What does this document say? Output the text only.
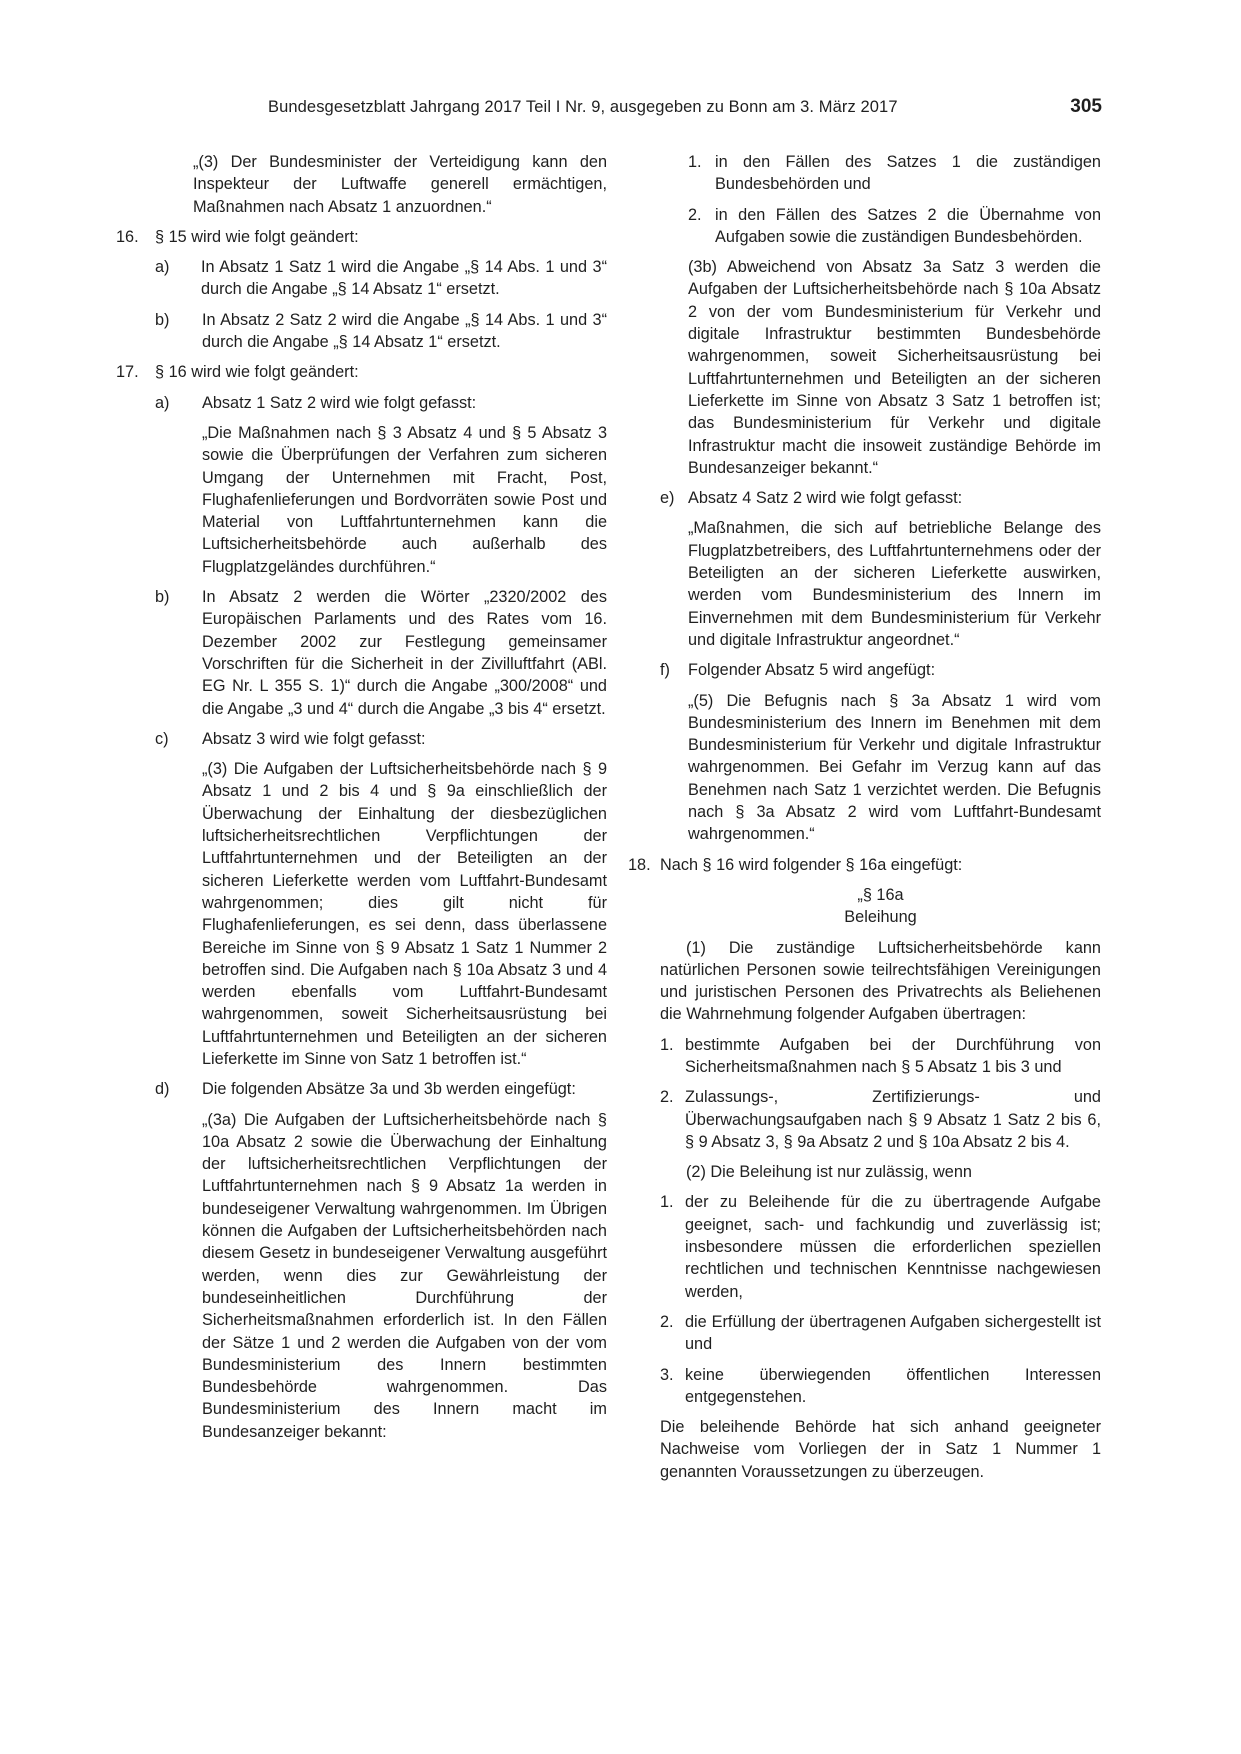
Bundesgesetzblatt Jahrgang 2017 Teil I Nr. 9, ausgegeben zu Bonn am 3. März 2017	305

„(3) Der Bundesminister der Verteidigung kann den Inspekteur der Luftwaffe generell ermächtigen, Maßnahmen nach Absatz 1 anzuordnen.“

16. § 15 wird wie folgt geändert:
a) In Absatz 1 Satz 1 wird die Angabe „§ 14 Abs. 1 und 3“ durch die Angabe „§ 14 Absatz 1“ ersetzt.
b) In Absatz 2 Satz 2 wird die Angabe „§ 14 Abs. 1 und 3“ durch die Angabe „§ 14 Absatz 1“ ersetzt.
17. § 16 wird wie folgt geändert:
a) Absatz 1 Satz 2 wird wie folgt gefasst:

„Die Maßnahmen nach § 3 Absatz 4 und § 5 Absatz 3 sowie die Überprüfungen der Verfahren zum sicheren Umgang der Unternehmen mit Fracht, Post, Flughafenlieferungen und Bordvorräten sowie Post und Material von Luftfahrtunternehmen kann die Luftsicherheitsbehörde auch außerhalb des Flugplatzgeländes durchführen.“

b) In Absatz 2 werden die Wörter „2320/2002 des Europäischen Parlaments und des Rates vom 16. Dezember 2002 zur Festlegung gemeinsamer Vorschriften für die Sicherheit in der Zivilluftfahrt (ABl. EG Nr. L 355 S. 1)“ durch die Angabe „300/2008“ und die Angabe „3 und 4“ durch die Angabe „3 bis 4“ ersetzt.
c) Absatz 3 wird wie folgt gefasst:

„(3) Die Aufgaben der Luftsicherheitsbehörde nach § 9 Absatz 1 und 2 bis 4 und § 9a einschließlich der Überwachung der Einhaltung der diesbezüglichen luftsicherheitsrechtlichen Verpflichtungen der Luftfahrtunternehmen und der Beteiligten an der sicheren Lieferkette werden vom Luftfahrt-Bundesamt wahrgenommen; dies gilt nicht für Flughafenlieferungen, es sei denn, dass überlassene Bereiche im Sinne von § 9 Absatz 1 Satz 1 Nummer 2 betroffen sind. Die Aufgaben nach § 10a Absatz 3 und 4 werden ebenfalls vom Luftfahrt-Bundesamt wahrgenommen, soweit Sicherheitsausrüstung bei Luftfahrtunternehmen und Beteiligten an der sicheren Lieferkette im Sinne von Satz 1 betroffen ist.“

d) Die folgenden Absätze 3a und 3b werden eingefügt:

„(3a) Die Aufgaben der Luftsicherheitsbehörde nach § 10a Absatz 2 sowie die Überwachung der Einhaltung der luftsicherheitsrechtlichen Verpflichtungen der Luftfahrtunternehmen nach § 9 Absatz 1a werden in bundeseigener Verwaltung wahrgenommen. Im Übrigen können die Aufgaben der Luftsicherheitsbehörden nach diesem Gesetz in bundeseigener Verwaltung ausgeführt werden, wenn dies zur Gewährleistung der bundeseinheitlichen Durchführung der Sicherheitsmaßnahmen erforderlich ist. In den Fällen der Sätze 1 und 2 werden die Aufgaben von der vom Bundesministerium des Innern bestimmten Bundesbehörde wahrgenommen. Das Bundesministerium des Innern macht im Bundesanzeiger bekannt:

1. in den Fällen des Satzes 1 die zuständigen Bundesbehörden und
2. in den Fällen des Satzes 2 die Übernahme von Aufgaben sowie die zuständigen Bundesbehörden.

(3b) Abweichend von Absatz 3a Satz 3 werden die Aufgaben der Luftsicherheitsbehörde nach § 10a Absatz 2 von der vom Bundesministerium für Verkehr und digitale Infrastruktur bestimmten Bundesbehörde wahrgenommen, soweit Sicherheitsausrüstung bei Luftfahrtunternehmen und Beteiligten an der sicheren Lieferkette im Sinne von Absatz 3 Satz 1 betroffen ist; das Bundesministerium für Verkehr und digitale Infrastruktur macht die insoweit zuständige Behörde im Bundesanzeiger bekannt.“

e) Absatz 4 Satz 2 wird wie folgt gefasst:

„Maßnahmen, die sich auf betriebliche Belange des Flugplatzbetreibers, des Luftfahrtunternehmens oder der Beteiligten an der sicheren Lieferkette auswirken, werden vom Bundesministerium des Innern im Einvernehmen mit dem Bundesministerium für Verkehr und digitale Infrastruktur angeordnet.“

f) Folgender Absatz 5 wird angefügt:

„(5) Die Befugnis nach § 3a Absatz 1 wird vom Bundesministerium des Innern im Benehmen mit dem Bundesministerium für Verkehr und digitale Infrastruktur wahrgenommen. Bei Gefahr im Verzug kann auf das Benehmen nach Satz 1 verzichtet werden. Die Befugnis nach § 3a Absatz 2 wird vom Luftfahrt-Bundesamt wahrgenommen.“

18. Nach § 16 wird folgender § 16a eingefügt:

„§ 16a

Beleihung

(1) Die zuständige Luftsicherheitsbehörde kann natürlichen Personen sowie teilrechtsfähigen Vereinigungen und juristischen Personen des Privatrechts als Beliehenen die Wahrnehmung folgender Aufgaben übertragen:

1. bestimmte Aufgaben bei der Durchführung von Sicherheitsmaßnahmen nach § 5 Absatz 1 bis 3 und
2. Zulassungs-, Zertifizierungs- und Überwachungsaufgaben nach § 9 Absatz 1 Satz 2 bis 6, § 9 Absatz 3, § 9a Absatz 2 und § 10a Absatz 2 bis 4.

(2) Die Beleihung ist nur zulässig, wenn

1. der zu Beleihende für die zu übertragende Aufgabe geeignet, sach- und fachkundig und zuverlässig ist; insbesondere müssen die erforderlichen speziellen rechtlichen und technischen Kenntnisse nachgewiesen werden,
2. die Erfüllung der übertragenen Aufgaben sichergestellt ist und
3. keine überwiegenden öffentlichen Interessen entgegenstehen.

Die beleihende Behörde hat sich anhand geeigneter Nachweise vom Vorliegen der in Satz 1 Nummer 1 genannten Voraussetzungen zu überzeugen.
